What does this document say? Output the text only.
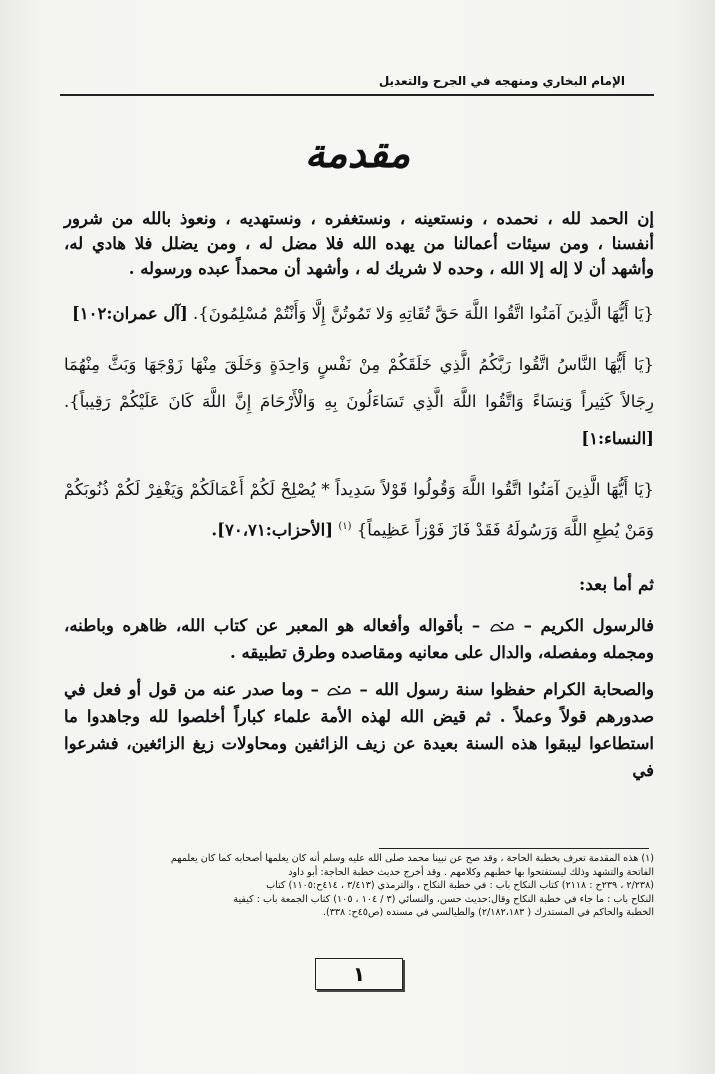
الإمام البخاري ومنهجه في الجرح والتعديل
مقدمة

إن الحمد لله ، نحمده ، ونستعينه ، ونستغفره ، ونستهديه ، ونعوذ بالله من شرور أنفسنا ، ومن سيئات أعمالنا من يهده الله فلا مضل له ، ومن يضلل فلا هادي له، وأشهد أن لا إله إلا الله ، وحده لا شريك له ، وأشهد أن محمداً عبده ورسوله .

{يَا أَيُّهَا الَّذِينَ آمَنُوا اتَّقُوا اللَّهَ حَقَّ تُقَاتِهِ وَلا تَمُوتُنَّ إِلَّا وَأَنْتُمْ مُسْلِمُونَ}. [آل عمران:١٠٢]

{يَا أَيُّهَا النَّاسُ اتَّقُوا رَبَّكُمُ الَّذِي خَلَقَكُمْ مِنْ نَفْسٍ وَاحِدَةٍ وَخَلَقَ مِنْهَا زَوْجَهَا وَبَثَّ مِنْهُمَا رِجَالاً كَثِيراً وَنِسَاءً وَاتَّقُوا اللَّهَ الَّذِي تَسَاءَلُونَ بِهِ وَالْأَرْحَامَ إِنَّ اللَّهَ كَانَ عَلَيْكُمْ رَقِيباً}. [النساء:١]

{يَا أَيُّهَا الَّذِينَ آمَنُوا اتَّقُوا اللَّهَ وَقُولُوا قَوْلاً سَدِيداً * يُصْلِحْ لَكُمْ أَعْمَالَكُمْ وَيَغْفِرْ لَكُمْ ذُنُوبَكُمْ وَمَنْ يُطِعِ اللَّهَ وَرَسُولَهُ فَقَدْ فَازَ فَوْزاً عَظِيماً} $^{(١)}$ [الأحزاب:٧٠،٧١].

ثم أما بعد:

فالرسول الكريم –  – بأقواله وأفعاله هو المعبر عن كتاب الله، ظاهره وباطنه، ومجمله ومفصله، والدال على معانيه ومقاصده وطرق تطبيقه .

والصحابة الكرام حفظوا سنة رسول الله –  – وما صدر عنه من قول أو فعل في صدورهم قولاً وعملاً . ثم قيض الله لهذه الأمة علماء كباراً أخلصوا لله وجاهدوا ما استطاعوا ليبقوا هذه السنة بعيدة عن زيف الزائفين ومحاولات زيغ الزائغين، فشرعوا في

(١) هذه المقدمة تعرف بخطبة الحاجة ، وقد صح عن نبينا محمد صلى الله عليه وسلم أنه كان يعلمها أصحابه كما كان يعلمهم

الفاتحة والتشهد وذلك ليستفتحوا بها خطبهم وكلامهم . وقد أخرج حديث خطبة الحاجة: أبو داود

(٢/٢٣٨ ، ٢٣٩ح : ٢١١٨) كتاب النكاح باب : في خطبة النكاح ، والترمذي (٣/٤١٣ ، ٤١٤ح:١١٠٥) كتاب

النكاح باب : ما جاء في خطبة النكاح وقال:حديث حسن، والنسائي (٣ / ١٠٤ ، ١٠٥) كتاب الجمعة باب : كيفية

الخطبة والحاكم في المستدرك ( ٢/١٨٢،١٨٣) والطيالسي في مسنده (ص٤٥ح: ٣٣٨).

١
